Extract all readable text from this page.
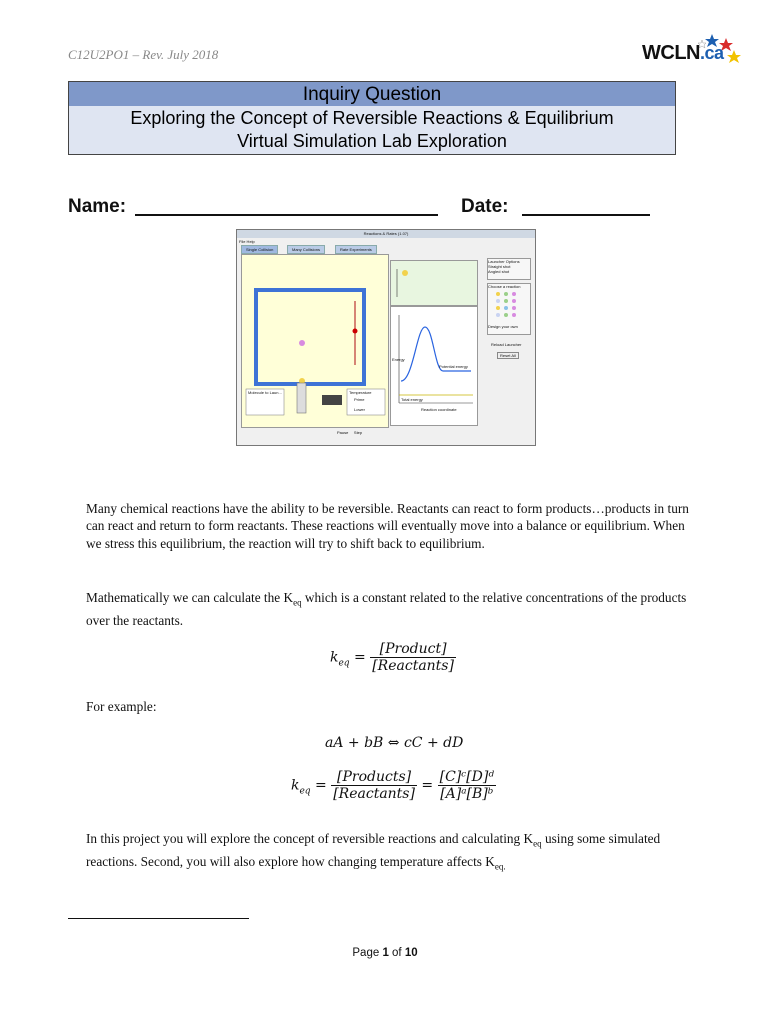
C12U2PO1 – Rev. July 2018	WCLN.ca
Inquiry Question
Exploring the Concept of Reversible Reactions & Equilibrium
Virtual Simulation Lab Exploration
Name:	Date:
Reactions & Rates (1.07)
File Help
Single Collision	Many Collisions	Rate Experiments
Molecule to Laun...	Temperature
Prime
Lower
Potential energy
Total energy
Reaction coordinate
Energy
Launcher Options
Straight shot
Angled shot
Choose a reaction
Design your own
Reload Launcher
Reset All
Pause Step
Many chemical reactions have the ability to be reversible. Reactants can react to form products…products in turn can react and return to form reactants. These reactions will eventually move into a balance or equilibrium. When we stress this equilibrium, the reaction will try to shift back to equilibrium.
Mathematically we can calculate the $K_{eq}$ which is a constant related to the relative concentrations of the products over the reactants.
$k_{eq} = \frac{\text{[Product]}}{\text{[Reactants]}}$
For example:
aA + bB ⇔ cC + dD
$k_{eq} = \frac{\text{[Products]}}{\text{[Reactants]}} = \frac{\text{[C]ᶜ[D]ᵈ}}{\text{[A]ᵃ[B]ᵇ}}$
In this project you will explore the concept of reversible reactions and calculating $K_{eq}$ using some simulated reactions. Second, you will also explore how changing temperature affects $K_{eq.}$
Page 1 of 10
